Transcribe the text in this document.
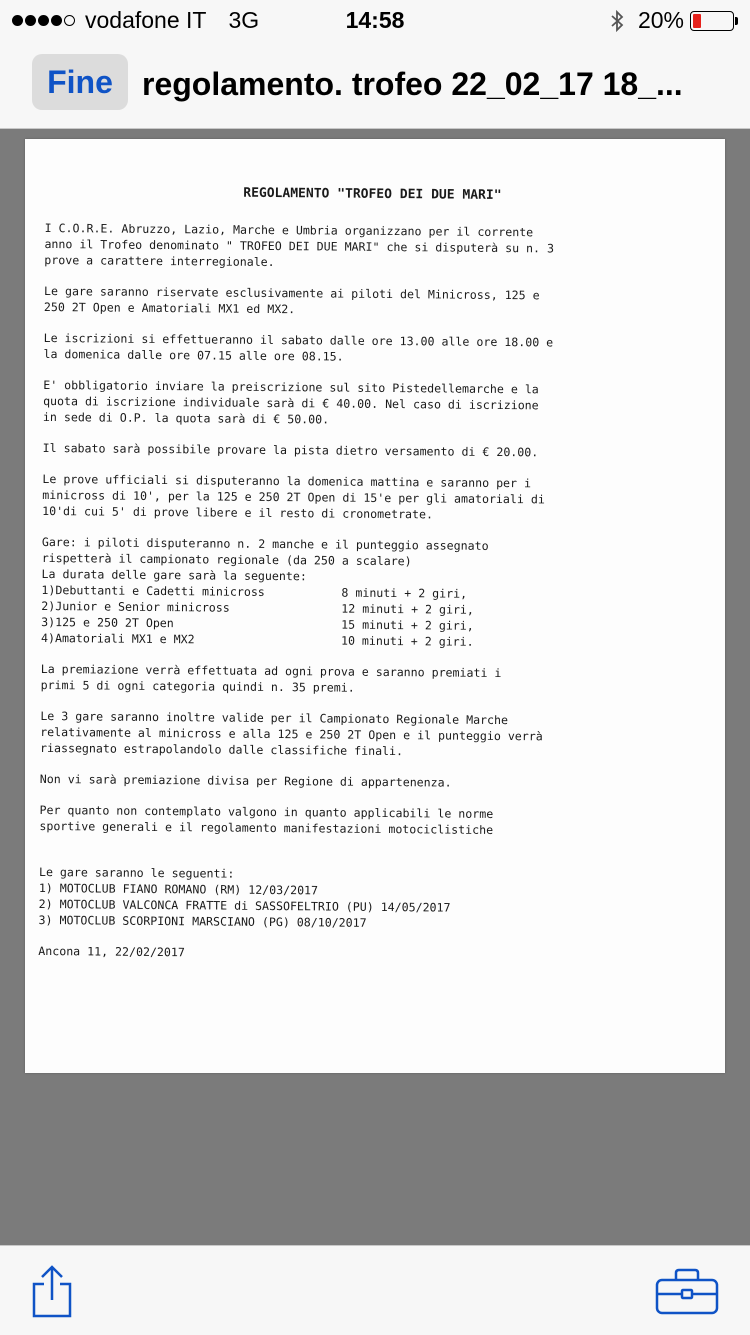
vodafone IT 3G	14:58	20%
Fine regolamento. trofeo 22_02_17 18_...
REGOLAMENTO "TROFEO DEI DUE MARI"
I C.O.R.E. Abruzzo, Lazio, Marche e Umbria organizzano per il corrente
anno il Trofeo denominato " TROFEO DEI DUE MARI" che si disputerà su n. 3
prove a carattere interregionale.
Le gare saranno riservate esclusivamente ai piloti del Minicross, 125 e
250 2T Open e Amatoriali MX1 ed MX2.
Le iscrizioni si effettueranno il sabato dalle ore 13.00 alle ore 18.00 e
la domenica dalle ore 07.15 alle ore 08.15.
E' obbligatorio inviare la preiscrizione sul sito Pistedellemarche e la
quota di iscrizione individuale sarà di € 40.00. Nel caso di iscrizione
in sede di O.P. la quota sarà di € 50.00.
Il sabato sarà possibile provare la pista dietro versamento di € 20.00.
Le prove ufficiali si disputeranno la domenica mattina e saranno per i
minicross di 10', per la 125 e 250 2T Open di 15'e per gli amatoriali di
10'di cui 5' di prove libere e il resto di cronometrate.
Gare: i piloti disputeranno n. 2 manche e il punteggio assegnato
rispetterà il campionato regionale (da 250 a scalare)
La durata delle gare sarà la seguente:
1)Debuttanti e Cadetti minicross	8 minuti + 2 giri,
2)Junior e Senior minicross	12 minuti + 2 giri,
3)125 e 250 2T Open	15 minuti + 2 giri,
4)Amatoriali MX1 e MX2	10 minuti + 2 giri.
La premiazione verrà effettuata ad ogni prova e saranno premiati i
primi 5 di ogni categoria quindi n. 35 premi.
Le 3 gare saranno inoltre valide per il Campionato Regionale Marche
relativamente al minicross e alla 125 e 250 2T Open e il punteggio verrà
riassegnato estrapolandolo dalle classifiche finali.
Non vi sarà premiazione divisa per Regione di appartenenza.
Per quanto non contemplato valgono in quanto applicabili le norme
sportive generali e il regolamento manifestazioni motociclistiche
Le gare saranno le seguenti:
1) MOTOCLUB FIANO ROMANO (RM) 12/03/2017
2) MOTOCLUB VALCONCA FRATTE di SASSOFELTRIO (PU) 14/05/2017
3) MOTOCLUB SCORPIONI MARSCIANO (PG) 08/10/2017
Ancona 11, 22/02/2017
